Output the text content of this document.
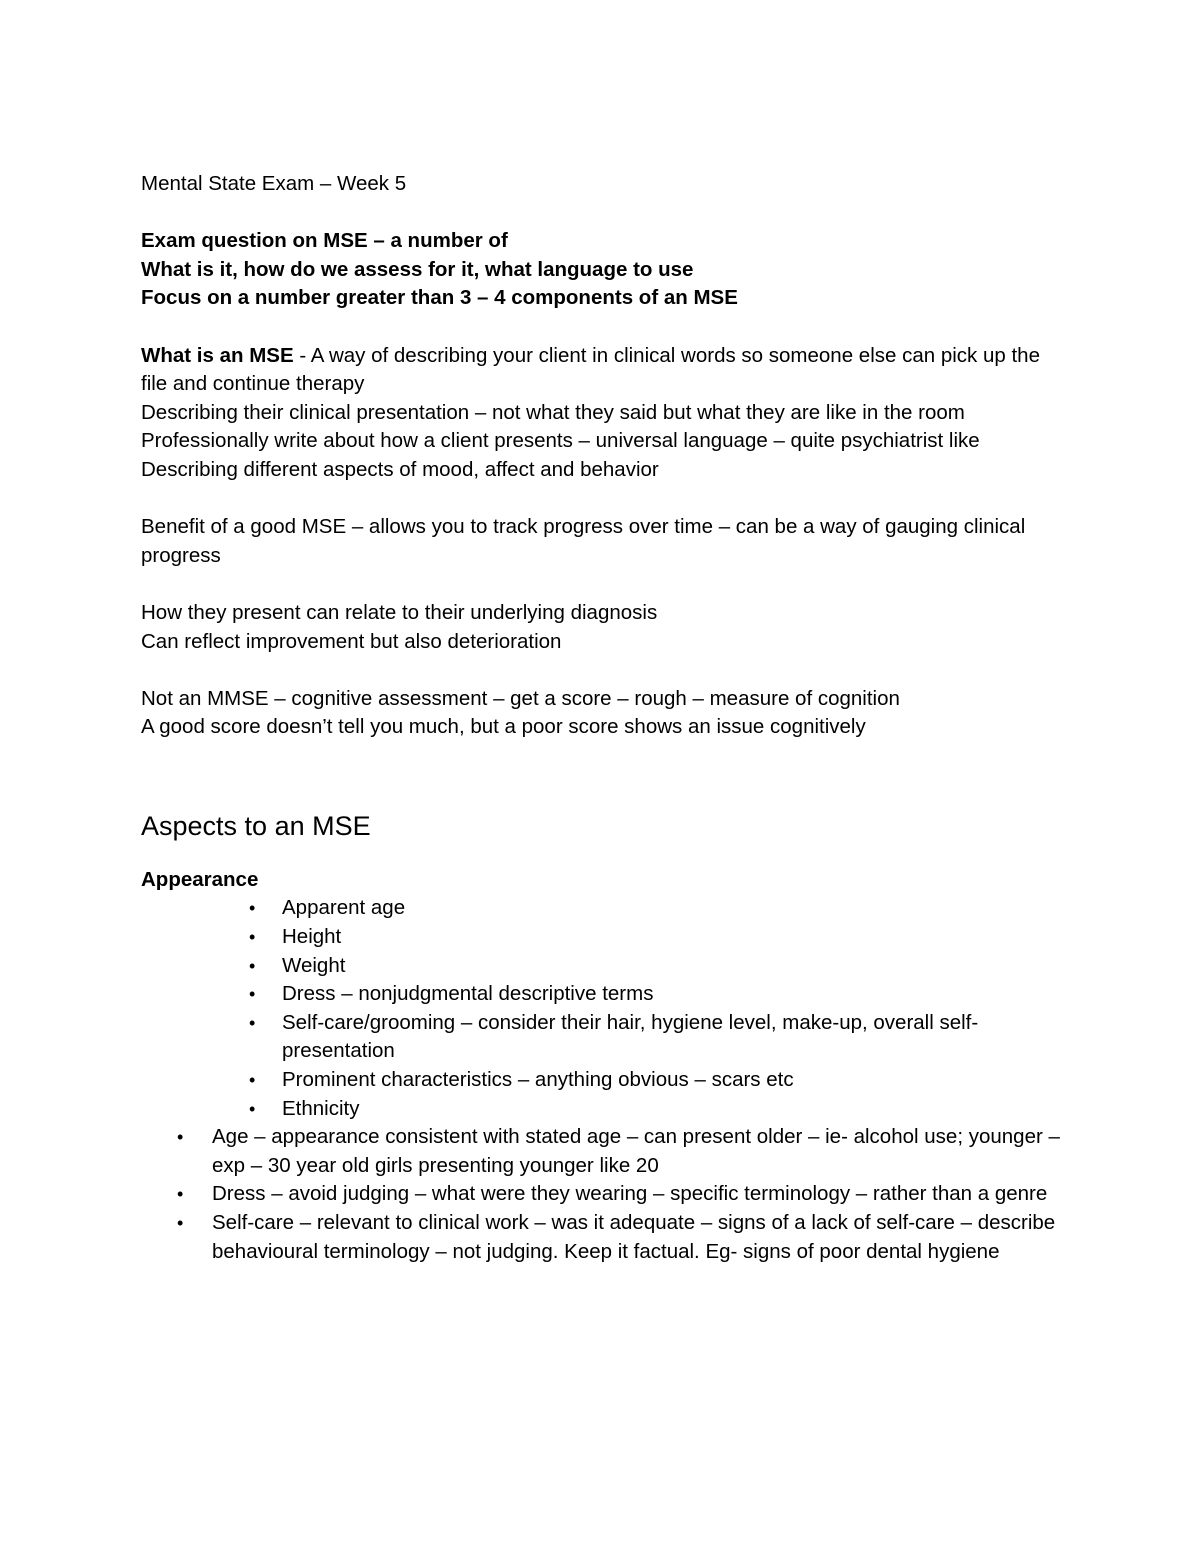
Mental State Exam – Week 5

Exam question on MSE – a number of

What is it, how do we assess for it, what language to use

Focus on a number greater than 3 – 4 components of an MSE

What is an MSE - A way of describing your client in clinical words so someone else can pick up the file and continue therapy

Describing their clinical presentation – not what they said but what they are like in the room

Professionally write about how a client presents – universal language – quite psychiatrist like

Describing different aspects of mood, affect and behavior

Benefit of a good MSE – allows you to track progress over time – can be a way of gauging clinical progress

How they present can relate to their underlying diagnosis

Can reflect improvement but also deterioration

Not an MMSE – cognitive assessment – get a score – rough – measure of cognition

A good score doesn’t tell you much, but a poor score shows an issue cognitively

Aspects to an MSE

Appearance

• Apparent age
• Height
• Weight
• Dress – nonjudgmental descriptive terms
• Self-care/grooming – consider their hair, hygiene level, make-up, overall self-presentation
• Prominent characteristics – anything obvious – scars etc
• Ethnicity
• Age – appearance consistent with stated age – can present older – ie- alcohol use; younger – exp – 30 year old girls presenting younger like 20
• Dress – avoid judging – what were they wearing – specific terminology – rather than a genre
• Self-care – relevant to clinical work – was it adequate – signs of a lack of self-care – describe behavioural terminology – not judging. Keep it factual. Eg- signs of poor dental hygiene
